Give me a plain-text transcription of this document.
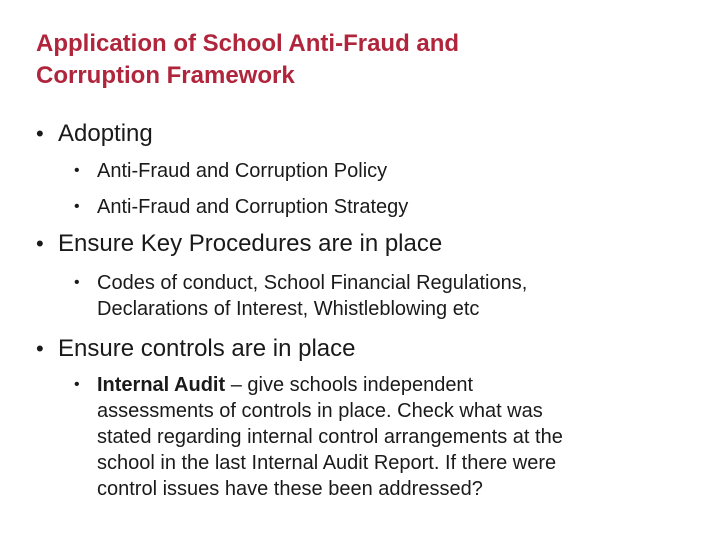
Application of School Anti-Fraud and
Corruption Framework
• Adopting
• Anti-Fraud and Corruption Policy
• Anti-Fraud and Corruption Strategy
• Ensure Key Procedures are in place
• Codes of conduct, School Financial Regulations,
Declarations of Interest, Whistleblowing etc
• Ensure controls are in place
• Internal Audit – give schools independent
assessments of controls in place. Check what was
stated regarding internal control arrangements at the
school in the last Internal Audit Report. If there were
control issues have these been addressed?
